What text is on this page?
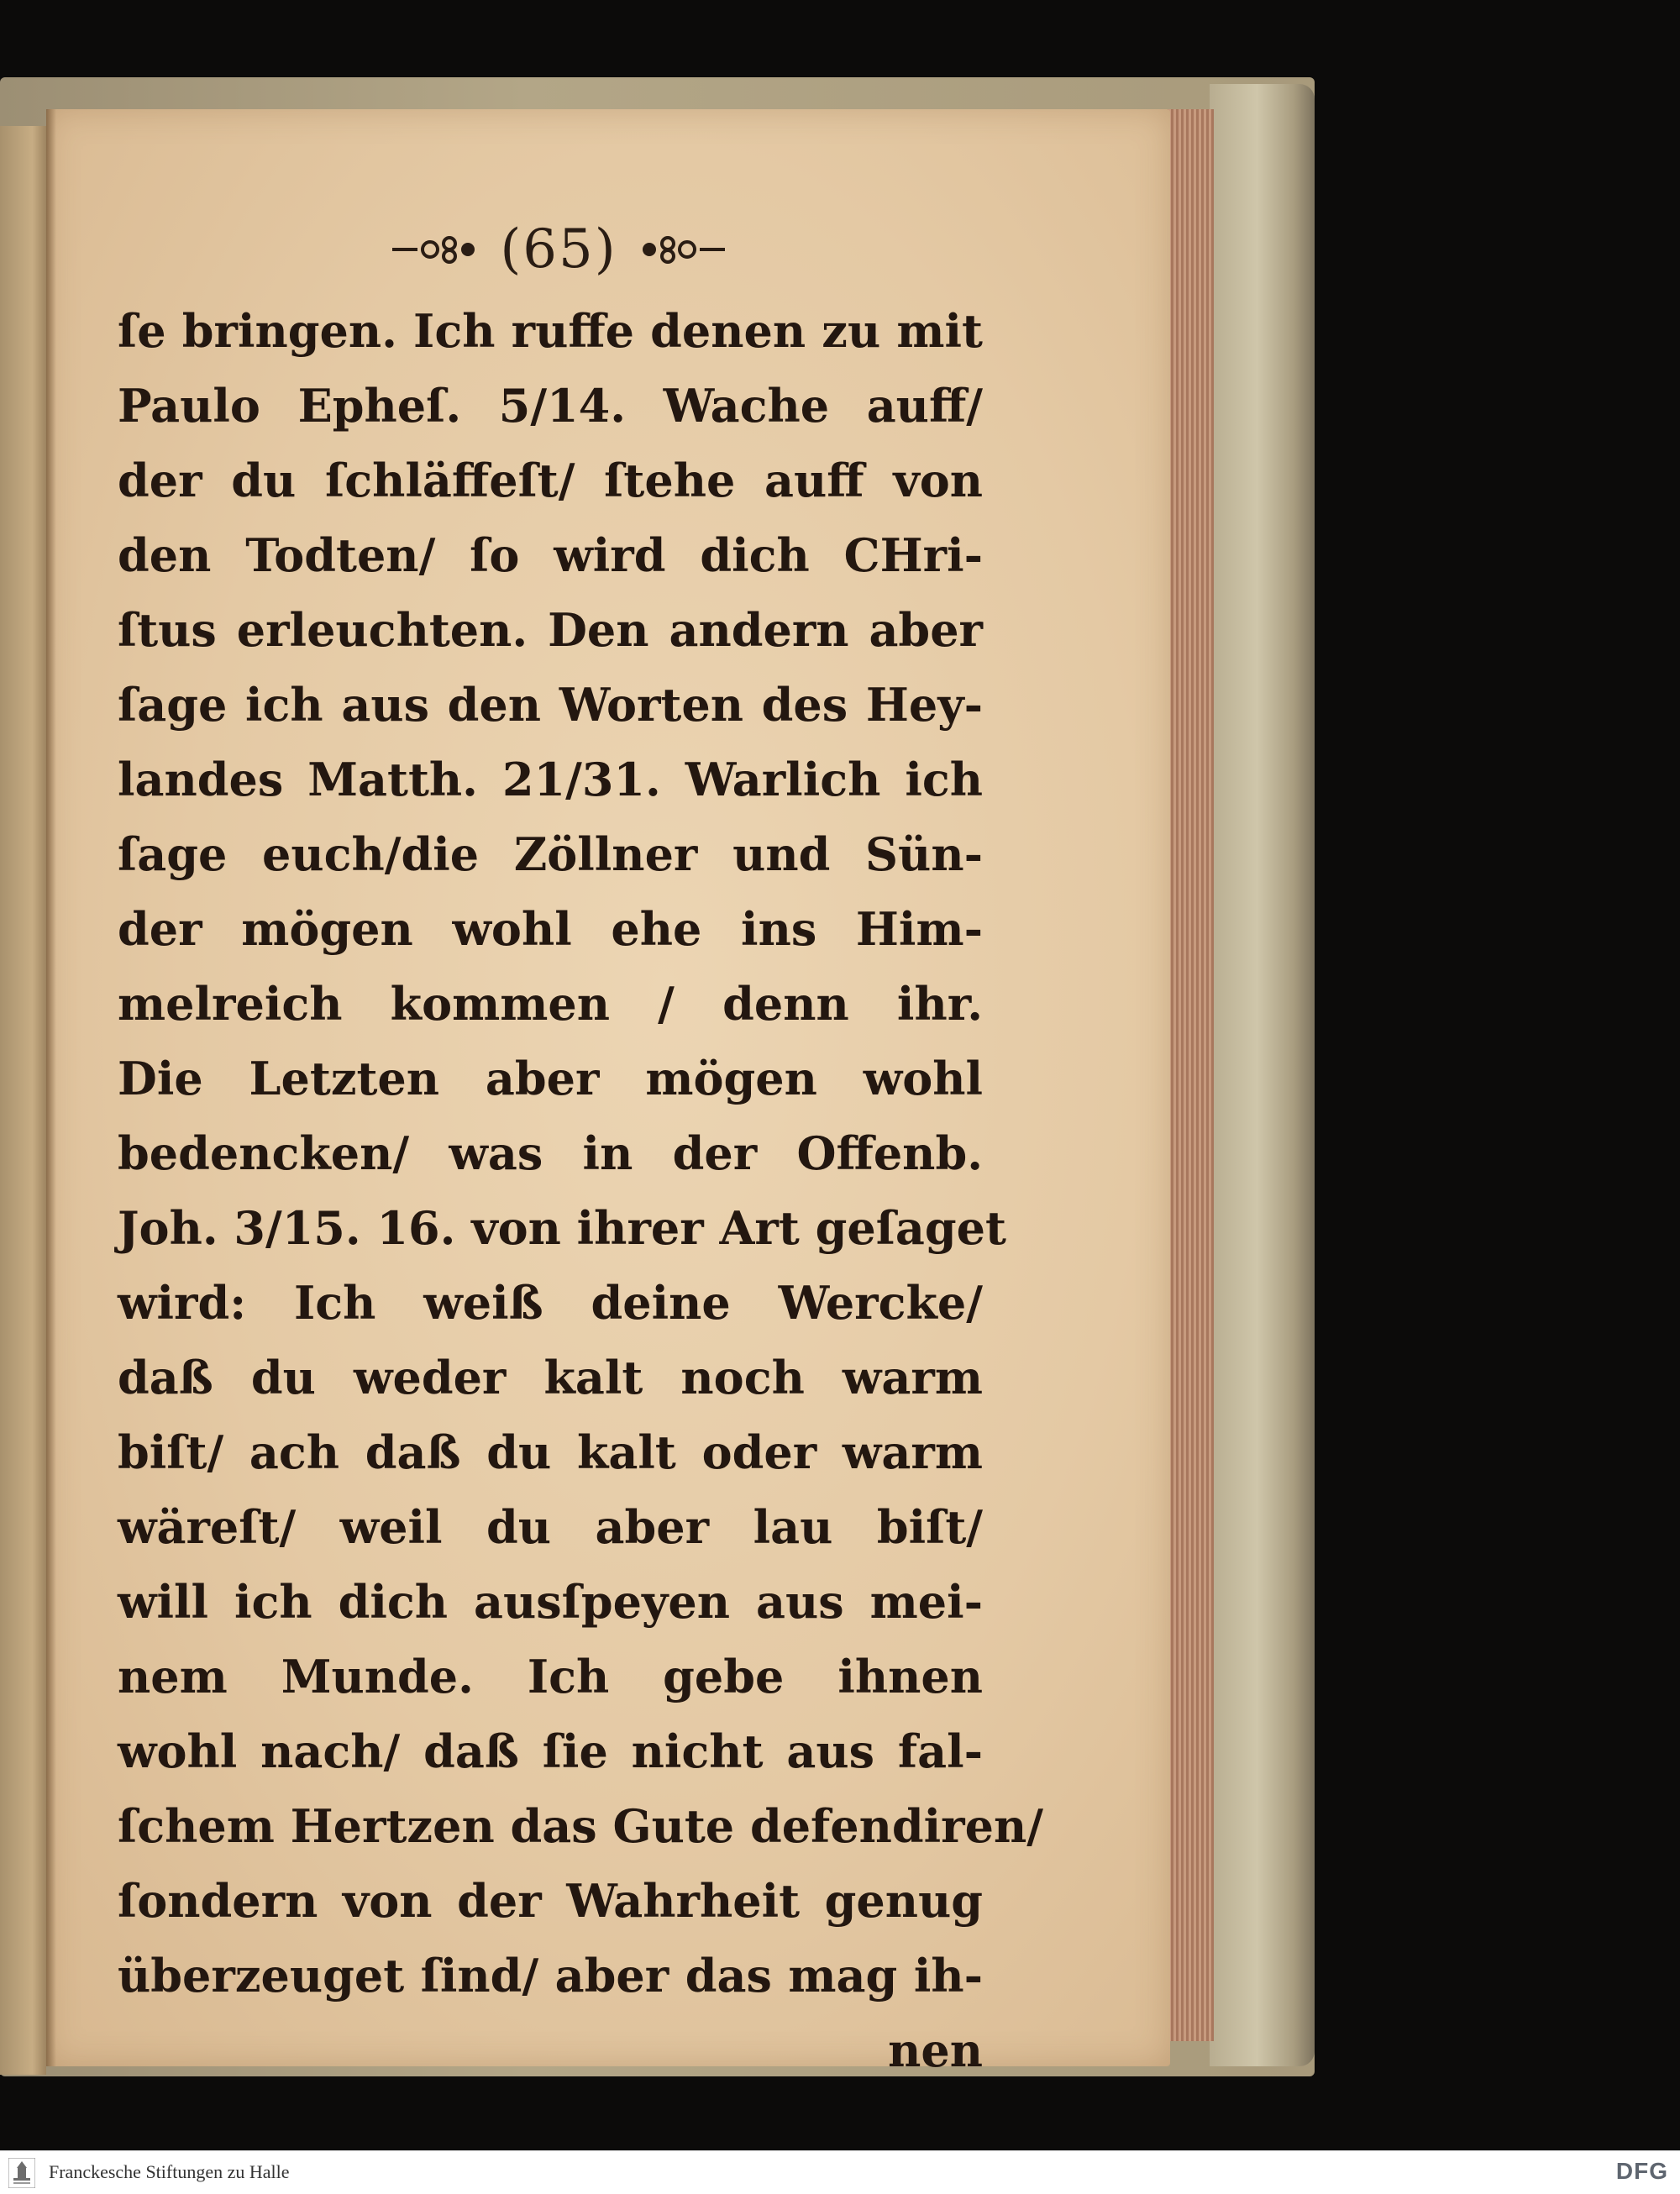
(65)
ſe bringen. Ich ruffe denen zu mit
Paulo Epheſ. 5/14. Wache auff/
der du ſchläffeſt/ ſtehe auff von
den Todten/ ſo wird dich CHri-
ſtus erleuchten. Den andern aber
ſage ich aus den Worten des Hey-
landes Matth. 21/31. Warlich ich
ſage euch/die Zöllner und Sün-
der mögen wohl ehe ins Him-
melreich kommen / denn ihr.
Die Letzten aber mögen wohl
bedencken/ was in der Offenb.
Joh. 3/15. 16. von ihrer Art geſaget
wird: Ich weiß deine Wercke/
daß du weder kalt noch warm
biſt/ ach daß du kalt oder warm
wäreſt/ weil du aber lau biſt/
will ich dich ausſpeyen aus mei-
nem Munde. Ich gebe ihnen
wohl nach/ daß ſie nicht aus fal-
ſchem Hertzen das Gute defendiren/
ſondern von der Wahrheit genug
überzeuget ſind/ aber das mag ih-
nen
Franckesche Stiftungen zu Halle	DFG
